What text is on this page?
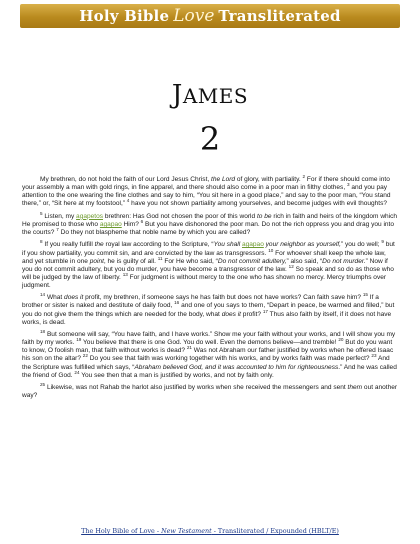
Holy Bible Love Transliterated
JAMES
2

My brethren, do not hold the faith of our Lord Jesus Christ, the Lord of glory, with partiality. $^2$ For if there should come into your assembly a man with gold rings, in fine apparel, and there should also come in a poor man in filthy clothes, $^3$ and you pay attention to the one wearing the fine clothes and say to him, “You sit here in a good place,” and say to the poor man, “You stand there,” or, “Sit here at my footstool,” $^4$ have you not shown partiality among yourselves, and become judges with evil thoughts?

$^5$ Listen, my agapetos brethren: Has God not chosen the poor of this world to be rich in faith and heirs of the kingdom which He promised to those who agapao Him? $^6$ But you have dishonored the poor man. Do not the rich oppress you and drag you into the courts? $^7$ Do they not blaspheme that noble name by which you are called?

$^8$ If you really fulfill the royal law according to the Scripture, “You shall agapao your neighbor as yourself,” you do well; $^9$ but if you show partiality, you commit sin, and are convicted by the law as transgressors. $^{10}$ For whoever shall keep the whole law, and yet stumble in one point, he is guilty of all. $^{11}$ For He who said, “Do not commit adultery,” also said, “Do not murder.” Now if you do not commit adultery, but you do murder, you have become a transgressor of the law. $^{12}$ So speak and so do as those who will be judged by the law of liberty. $^{13}$ For judgment is without mercy to the one who has shown no mercy. Mercy triumphs over judgment.

$^{14}$ What does it profit, my brethren, if someone says he has faith but does not have works? Can faith save him? $^{15}$ If a brother or sister is naked and destitute of daily food, $^{16}$ and one of you says to them, “Depart in peace, be warmed and filled,” but you do not give them the things which are needed for the body, what does it profit? $^{17}$ Thus also faith by itself, if it does not have works, is dead.

$^{18}$ But someone will say, “You have faith, and I have works.” Show me your faith without your works, and I will show you my faith by my works. $^{19}$ You believe that there is one God. You do well. Even the demons believe—and tremble! $^{20}$ But do you want to know, O foolish man, that faith without works is dead? $^{21}$ Was not Abraham our father justified by works when he offered Isaac his son on the altar? $^{22}$ Do you see that faith was working together with his works, and by works faith was made perfect? $^{23}$ And the Scripture was fulfilled which says, “Abraham believed God, and it was accounted to him for righteousness.” And he was called the friend of God. $^{24}$ You see then that a man is justified by works, and not by faith only.

$^{25}$ Likewise, was not Rahab the harlot also justified by works when she received the messengers and sent them out another way?

The Holy Bible of Love - New Testament - Transliterated / Expounded (HBLT/E)
